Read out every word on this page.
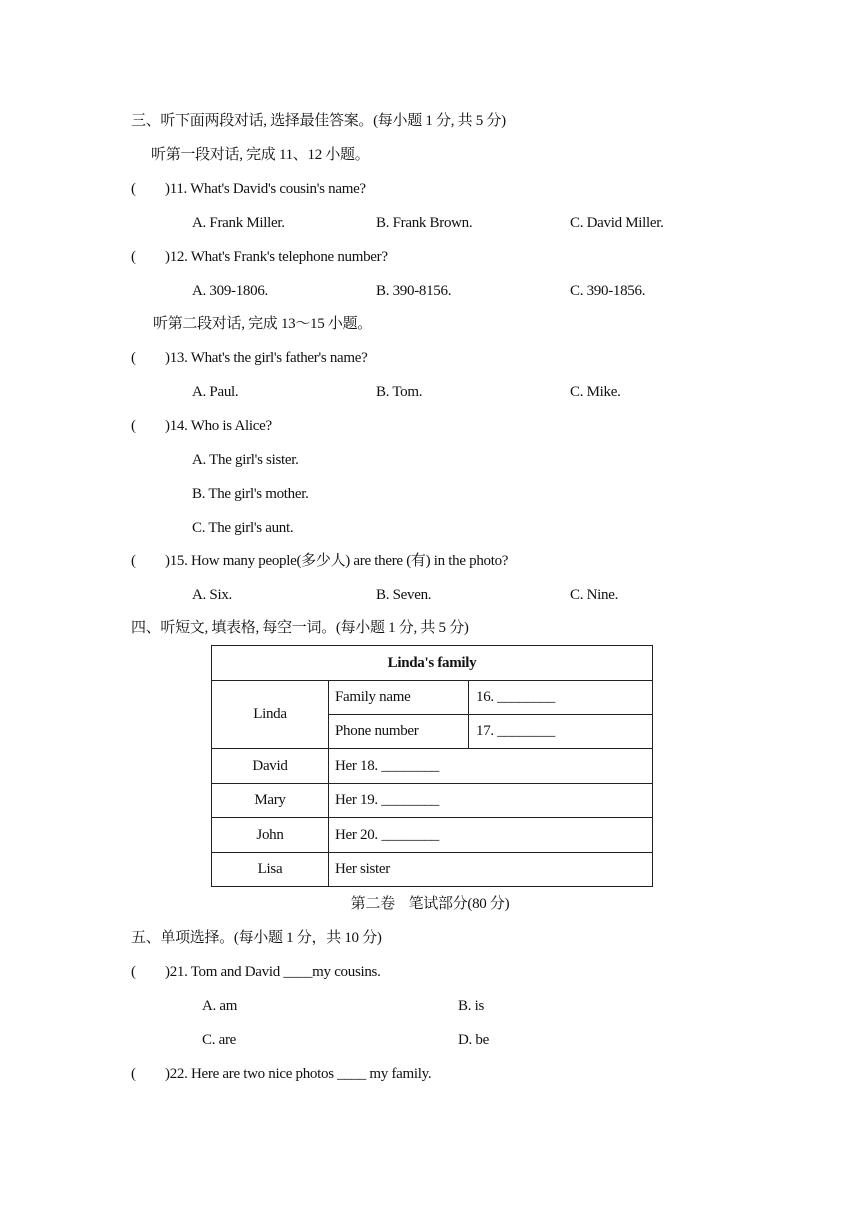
三、听下面两段对话, 选择最佳答案。(每小题 1 分, 共 5 分)
听第一段对话, 完成 11、12 小题。
( )11. What's David's cousin's name?
A. Frank Miller.	B. Frank Brown.	C. David Miller.
( )12. What's Frank's telephone number?
A. 309-1806.	B. 390-8156.	C. 390-1856.
听第二段对话, 完成 13～15 小题。
( )13. What's the girl's father's name?
A. Paul.	B. Tom.	C. Mike.
( )14. Who is Alice?
A. The girl's sister.
B. The girl's mother.
C. The girl's aunt.
( )15. How many people(多少人) are there (有) in the photo?
A. Six.	B. Seven.	C. Nine.
四、听短文, 填表格, 每空一词。(每小题 1 分, 共 5 分)
Linda's family
Linda
Family name	16. ________
Phone number	17. ________
David	Her 18. ________
Mary	Her 19. ________
John	Her 20. ________
Lisa	Her sister
第二卷    笔试部分(80 分)
五、单项选择。(每小题 1 分，共 10 分)
( )21. Tom and David ____my cousins.
A. am	B. is
C. are	D. be
( )22. Here are two nice photos ____ my family.
